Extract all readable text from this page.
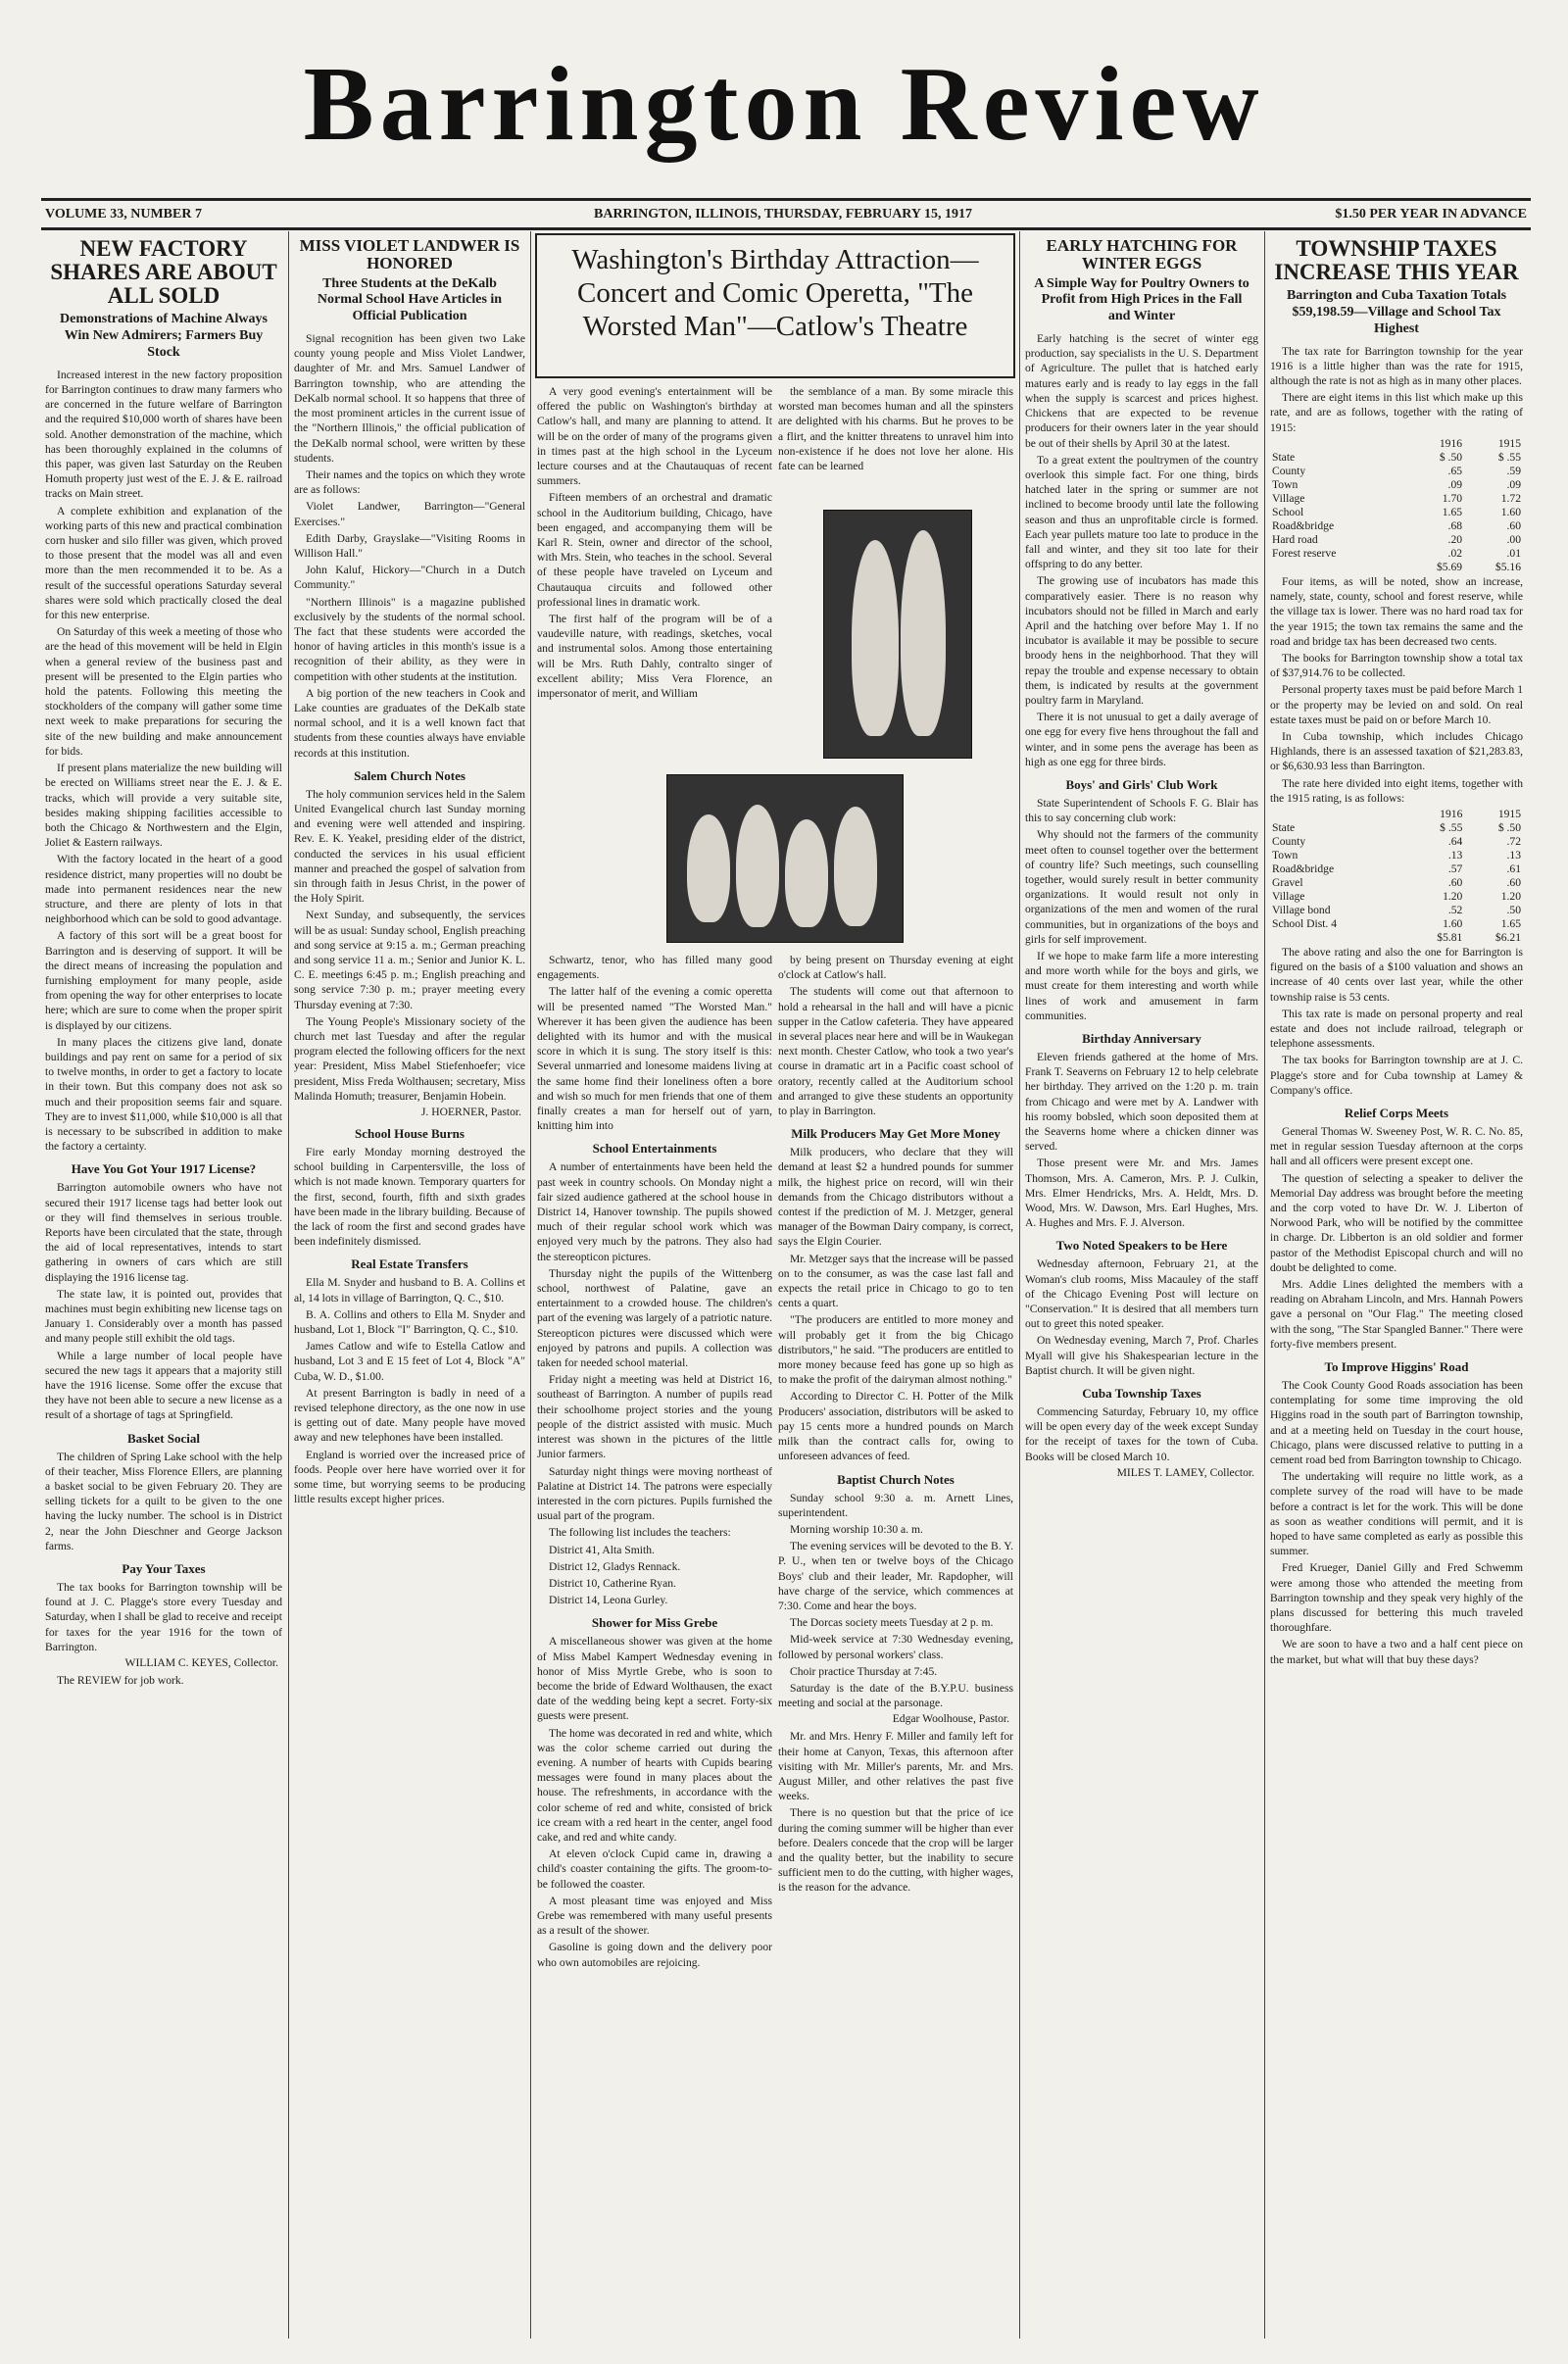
Barrington Review
VOLUME 33, NUMBER 7	BARRINGTON, ILLINOIS, THURSDAY, FEBRUARY 15, 1917	$1.50 PER YEAR IN ADVANCE
NEW FACTORY SHARES ARE ABOUT ALL SOLD
Demonstrations of Machine Always Win New Admirers; Farmers Buy Stock

Increased interest in the new factory proposition for Barrington continues to draw many farmers who are concerned in the future welfare of Barrington and the required $10,000 worth of shares have been sold. Another demonstration of the machine, which has been thoroughly explained in the columns of this paper, was given last Saturday on the Reuben Homuth property just west of the E. J. & E. railroad tracks on Main street.

A complete exhibition and explanation of the working parts of this new and practical combination corn husker and silo filler was given, which proved to those present that the model was all and even more than the men recommended it to be. As a result of the successful operations Saturday several shares were sold which practically closed the deal for this new enterprise.

On Saturday of this week a meeting of those who are the head of this movement will be held in Elgin when a general review of the business past and present will be presented to the Elgin parties who hold the patents. Following this meeting the stockholders of the company will gather some time next week to make preparations for securing the site of the new building and make announcement for bids.

If present plans materialize the new building will be erected on Williams street near the E. J. & E. tracks, which will provide a very suitable site, besides making shipping facilities accessible to both the Chicago & Northwestern and the Elgin, Joliet & Eastern railways.

With the factory located in the heart of a good residence district, many properties will no doubt be made into permanent residences near the new structure, and there are plenty of lots in that neighborhood which can be sold to good advantage.

A factory of this sort will be a great boost for Barrington and is deserving of support. It will be the direct means of increasing the population and furnishing employment for many people, aside from opening the way for other enterprises to locate here; which are sure to come when the proper spirit is displayed by our citizens.

In many places the citizens give land, donate buildings and pay rent on same for a period of six to twelve months, in order to get a factory to locate in their town. But this company does not ask so much and their proposition seems fair and square. They are to invest $11,000, while $10,000 is all that is necessary to be subscribed in addition to make the factory a certainty.

Have You Got Your 1917 License?

Barrington automobile owners who have not secured their 1917 license tags had better look out or they will find themselves in serious trouble. Reports have been circulated that the state, through the aid of local representatives, intends to start gathering in owners of cars which are still displaying the 1916 license tag.

The state law, it is pointed out, provides that machines must begin exhibiting new license tags on January 1. Considerably over a month has passed and many people still exhibit the old tags.

While a large number of local people have secured the new tags it appears that a majority still have the 1916 license. Some offer the excuse that they have not been able to secure a new license as a result of a shortage of tags at Springfield.

Basket Social

The children of Spring Lake school with the help of their teacher, Miss Florence Ellers, are planning a basket social to be given February 20. They are selling tickets for a quilt to be given to the one having the lucky number. The school is in District 2, near the John Dieschner and George Jackson farms.

Pay Your Taxes

The tax books for Barrington township will be found at J. C. Plagge's store every Tuesday and Saturday, when I shall be glad to receive and receipt for taxes for the year 1916 for the town of Barrington.

WILLIAM C. KEYES, Collector.

The REVIEW for job work.

MISS VIOLET LANDWER IS HONORED
Three Students at the DeKalb Normal School Have Articles in Official Publication

Signal recognition has been given two Lake county young people and Miss Violet Landwer, daughter of Mr. and Mrs. Samuel Landwer of Barrington township, who are attending the DeKalb normal school. It so happens that three of the most prominent articles in the current issue of the "Northern Illinois," the official publication of the DeKalb normal school, were written by these students.

Their names and the topics on which they wrote are as follows:

Violet Landwer, Barrington—"General Exercises."

Edith Darby, Grayslake—"Visiting Rooms in Willison Hall."

John Kaluf, Hickory—"Church in a Dutch Community."

"Northern Illinois" is a magazine published exclusively by the students of the normal school. The fact that these students were accorded the honor of having articles in this month's issue is a recognition of their ability, as they were in competition with other students at the institution.

A big portion of the new teachers in Cook and Lake counties are graduates of the DeKalb state normal school, and it is a well known fact that students from these counties always have enviable records at this institution.

Salem Church Notes

The holy communion services held in the Salem United Evangelical church last Sunday morning and evening were well attended and inspiring. Rev. E. K. Yeakel, presiding elder of the district, conducted the services in his usual efficient manner and preached the gospel of salvation from sin through faith in Jesus Christ, in the power of the Holy Spirit.

Next Sunday, and subsequently, the services will be as usual: Sunday school, English preaching and song service at 9:15 a. m.; German preaching and song service 11 a. m.; Senior and Junior K. L. C. E. meetings 6:45 p. m.; English preaching and song service 7:30 p. m.; prayer meeting every Thursday evening at 7:30.

The Young People's Missionary society of the church met last Tuesday and after the regular program elected the following officers for the next year: President, Miss Mabel Stiefenhoefer; vice president, Miss Freda Wolthausen; secretary, Miss Malinda Homuth; treasurer, Benjamin Hobein.

J. HOERNER, Pastor.
School House Burns

Fire early Monday morning destroyed the school building in Carpentersville, the loss of which is not made known. Temporary quarters for the first, second, fourth, fifth and sixth grades have been made in the library building. Because of the lack of room the first and second grades have been indefinitely dismissed.

Real Estate Transfers

Ella M. Snyder and husband to B. A. Collins et al, 14 lots in village of Barrington, Q. C., $10.

B. A. Collins and others to Ella M. Snyder and husband, Lot 1, Block "I" Barrington, Q. C., $10.

James Catlow and wife to Estella Catlow and husband, Lot 3 and E 15 feet of Lot 4, Block "A" Cuba, W. D., $1.00.

At present Barrington is badly in need of a revised telephone directory, as the one now in use is getting out of date. Many people have moved away and new telephones have been installed.

England is worried over the increased price of foods. People over here have worried over it for some time, but worrying seems to be producing little results except higher prices.

Washington's Birthday Attraction—Concert and Comic Operetta, "The Worsted Man"—Catlow's Theatre

A very good evening's entertainment will be offered the public on Washington's birthday at Catlow's hall, and many are planning to attend. It will be on the order of many of the programs given in times past at the high school in the Lyceum lecture courses and at the Chautauquas of recent summers.

Fifteen members of an orchestral and dramatic school in the Auditorium building, Chicago, have been engaged, and accompanying them will be Karl R. Stein, owner and director of the school, with Mrs. Stein, who teaches in the school. Several of these people have traveled on Lyceum and Chautauqua circuits and followed other professional lines in dramatic work.

The first half of the program will be of a vaudeville nature, with readings, sketches, vocal and instrumental solos. Among those entertaining will be Mrs. Ruth Dahly, contralto singer of excellent ability; Miss Vera Florence, an impersonator of merit, and William

the semblance of a man. By some miracle this worsted man becomes human and all the spinsters are delighted with his charms. But he proves to be a flirt, and the knitter threatens to unravel him into non-existence if he does not love her alone. His fate can be learned

Schwartz, tenor, who has filled many good engagements.

The latter half of the evening a comic operetta will be presented named "The Worsted Man." Wherever it has been given the audience has been delighted with its humor and with the musical score in which it is sung. The story itself is this: Several unmarried and lonesome maidens living at the same home find their loneliness often a bore and wish so much for men friends that one of them finally creates a man for herself out of yarn, knitting him into

School Entertainments

A number of entertainments have been held the past week in country schools. On Monday night a fair sized audience gathered at the school house in District 14, Hanover township. The pupils showed much of their regular school work which was enjoyed very much by the patrons. They also had the stereopticon pictures.

Thursday night the pupils of the Wittenberg school, northwest of Palatine, gave an entertainment to a crowded house. The children's part of the evening was largely of a patriotic nature. Stereopticon pictures were discussed which were enjoyed by patrons and pupils. A collection was taken for needed school material.

Friday night a meeting was held at District 16, southeast of Barrington. A number of pupils read their schoolhome project stories and the young people of the district assisted with music. Much interest was shown in the pictures of the little Junior farmers.

Saturday night things were moving northeast of Palatine at District 14. The patrons were especially interested in the corn pictures. Pupils furnished the usual part of the program.

The following list includes the teachers:

District 41, Alta Smith.

District 12, Gladys Rennack.

District 10, Catherine Ryan.

District 14, Leona Gurley.

Shower for Miss Grebe

A miscellaneous shower was given at the home of Miss Mabel Kampert Wednesday evening in honor of Miss Myrtle Grebe, who is soon to become the bride of Edward Wolthausen, the exact date of the wedding being kept a secret. Forty-six guests were present.

The home was decorated in red and white, which was the color scheme carried out during the evening. A number of hearts with Cupids bearing messages were found in many places about the house. The refreshments, in accordance with the color scheme of red and white, consisted of brick ice cream with a red heart in the center, angel food cake, and red and white candy.

At eleven o'clock Cupid came in, drawing a child's coaster containing the gifts. The groom-to-be followed the coaster.

A most pleasant time was enjoyed and Miss Grebe was remembered with many useful presents as a result of the shower.

Gasoline is going down and the delivery poor who own automobiles are rejoicing.

by being present on Thursday evening at eight o'clock at Catlow's hall.

The students will come out that afternoon to hold a rehearsal in the hall and will have a picnic supper in the Catlow cafeteria. They have appeared in several places near here and will be in Waukegan next month. Chester Catlow, who took a two year's course in dramatic art in a Pacific coast school of oratory, recently called at the Auditorium school and arranged to give these students an opportunity to play in Barrington.

Milk Producers May Get More Money

Milk producers, who declare that they will demand at least $2 a hundred pounds for summer milk, the highest price on record, will win their demands from the Chicago distributors without a contest if the prediction of M. J. Metzger, general manager of the Bowman Dairy company, is correct, says the Elgin Courier.

Mr. Metzger says that the increase will be passed on to the consumer, as was the case last fall and expects the retail price in Chicago to go to ten cents a quart.

"The producers are entitled to more money and will probably get it from the big Chicago distributors," he said. "The producers are entitled to more money because feed has gone up so high as to make the profit of the dairyman almost nothing."

According to Director C. H. Potter of the Milk Producers' association, distributors will be asked to pay 15 cents more a hundred pounds on March milk than the contract calls for, owing to unforeseen advances of feed.

Baptist Church Notes

Sunday school 9:30 a. m. Arnett Lines, superintendent.

Morning worship 10:30 a. m.

The evening services will be devoted to the B. Y. P. U., when ten or twelve boys of the Chicago Boys' club and their leader, Mr. Rapdopher, will have charge of the service, which commences at 7:30. Come and hear the boys.

The Dorcas society meets Tuesday at 2 p. m.

Mid-week service at 7:30 Wednesday evening, followed by personal workers' class.

Choir practice Thursday at 7:45.

Saturday is the date of the B.Y.P.U. business meeting and social at the parsonage.

Edgar Woolhouse, Pastor.

Mr. and Mrs. Henry F. Miller and family left for their home at Canyon, Texas, this afternoon after visiting with Mr. Miller's parents, Mr. and Mrs. August Miller, and other relatives the past five weeks.

There is no question but that the price of ice during the coming summer will be higher than ever before. Dealers concede that the crop will be larger and the quality better, but the inability to secure sufficient men to do the cutting, with higher wages, is the reason for the advance.

EARLY HATCHING FOR WINTER EGGS
A Simple Way for Poultry Owners to Profit from High Prices in the Fall and Winter

Early hatching is the secret of winter egg production, say specialists in the U. S. Department of Agriculture. The pullet that is hatched early matures early and is ready to lay eggs in the fall when the supply is scarcest and prices highest. Chickens that are expected to be revenue producers for their owners later in the year should be out of their shells by April 30 at the latest.

To a great extent the poultrymen of the country overlook this simple fact. For one thing, birds hatched later in the spring or summer are not inclined to become broody until late the following season and thus an unprofitable circle is formed. Each year pullets mature too late to produce in the fall and winter, and they sit too late for their offspring to do any better.

The growing use of incubators has made this comparatively easier. There is no reason why incubators should not be filled in March and early April and the hatching over before May 1. If no incubator is available it may be possible to secure broody hens in the neighborhood. That they will repay the trouble and expense necessary to obtain them, is indicated by results at the government poultry farm in Maryland.

There it is not unusual to get a daily average of one egg for every five hens throughout the fall and winter, and in some pens the average has been as high as one egg for three birds.

Boys' and Girls' Club Work

State Superintendent of Schools F. G. Blair has this to say concerning club work:

Why should not the farmers of the community meet often to counsel together over the betterment of country life? Such meetings, such counselling together, would surely result in better community organizations. It would result not only in organizations of the men and women of the rural communities, but in organizations of the boys and girls for self improvement.

If we hope to make farm life a more interesting and more worth while for the boys and girls, we must create for them interesting and worth while lines of work and amusement in farm communities.

Birthday Anniversary

Eleven friends gathered at the home of Mrs. Frank T. Seaverns on February 12 to help celebrate her birthday. They arrived on the 1:20 p. m. train from Chicago and were met by A. Landwer with his roomy bobsled, which soon deposited them at the Seaverns home where a chicken dinner was served.

Those present were Mr. and Mrs. James Thomson, Mrs. A. Cameron, Mrs. P. J. Culkin, Mrs. Elmer Hendricks, Mrs. A. Heldt, Mrs. D. Wood, Mrs. W. Dawson, Mrs. Earl Hughes, Mrs. A. Hughes and Mrs. F. J. Alverson.

Two Noted Speakers to be Here

Wednesday afternoon, February 21, at the Woman's club rooms, Miss Macauley of the staff of the Chicago Evening Post will lecture on "Conservation." It is desired that all members turn out to greet this noted speaker.

On Wednesday evening, March 7, Prof. Charles Myall will give his Shakespearian lecture in the Baptist church. It will be given night.

Cuba Township Taxes

Commencing Saturday, February 10, my office will be open every day of the week except Sunday for the receipt of taxes for the town of Cuba. Books will be closed March 10.

MILES T. LAMEY, Collector.
TOWNSHIP TAXES INCREASE THIS YEAR
Barrington and Cuba Taxation Totals $59,198.59—Village and School Tax Highest

The tax rate for Barrington township for the year 1916 is a little higher than was the rate for 1915, although the rate is not as high as in many other places.

There are eight items in this list which make up this rate, and are as follows, together with the rating of 1915:

	1916	1915
State	$ .50	$ .55
County	.65	.59
Town	.09	.09
Village	1.70	1.72
School	1.65	1.60
Road&bridge	.68	.60
Hard road	.20	.00
Forest reserve	.02	.01
	$5.69	$5.16

Four items, as will be noted, show an increase, namely, state, county, school and forest reserve, while the village tax is lower. There was no hard road tax for the year 1915; the town tax remains the same and the road and bridge tax has been decreased two cents.

The books for Barrington township show a total tax of $37,914.76 to be collected.

Personal property taxes must be paid before March 1 or the property may be levied on and sold. On real estate taxes must be paid on or before March 10.

In Cuba township, which includes Chicago Highlands, there is an assessed taxation of $21,283.83, or $6,630.93 less than Barrington.

The rate here divided into eight items, together with the 1915 rating, is as follows:

	1916	1915
State	$ .55	$ .50
County	.64	.72
Town	.13	.13
Road&bridge	.57	.61
Gravel	.60	.60
Village	1.20	1.20
Village bond	.52	.50
School Dist. 4	1.60	1.65
	$5.81	$6.21

The above rating and also the one for Barrington is figured on the basis of a $100 valuation and shows an increase of 40 cents over last year, while the other township raise is 53 cents.

This tax rate is made on personal property and real estate and does not include railroad, telegraph or telephone assessments.

The tax books for Barrington township are at J. C. Plagge's store and for Cuba township at Lamey & Company's office.

Relief Corps Meets

General Thomas W. Sweeney Post, W. R. C. No. 85, met in regular session Tuesday afternoon at the corps hall and all officers were present except one.

The question of selecting a speaker to deliver the Memorial Day address was brought before the meeting and the corp voted to have Dr. W. J. Liberton of Norwood Park, who will be notified by the committee in charge. Dr. Libberton is an old soldier and former pastor of the Methodist Episcopal church and will no doubt be delighted to come.

Mrs. Addie Lines delighted the members with a reading on Abraham Lincoln, and Mrs. Hannah Powers gave a personal on "Our Flag." The meeting closed with the song, "The Star Spangled Banner." There were forty-five members present.

To Improve Higgins' Road

The Cook County Good Roads association has been contemplating for some time improving the old Higgins road in the south part of Barrington township, and at a meeting held on Tuesday in the court house, Chicago, plans were discussed relative to putting in a cement road bed from Barrington township to Chicago.

The undertaking will require no little work, as a complete survey of the road will have to be made before a contract is let for the work. This will be done as soon as weather conditions will permit, and it is hoped to have same completed as early as possible this summer.

Fred Krueger, Daniel Gilly and Fred Schwemm were among those who attended the meeting from Barrington township and they speak very highly of the plans discussed for bettering this much traveled thoroughfare.

We are soon to have a two and a half cent piece on the market, but what will that buy these days?
